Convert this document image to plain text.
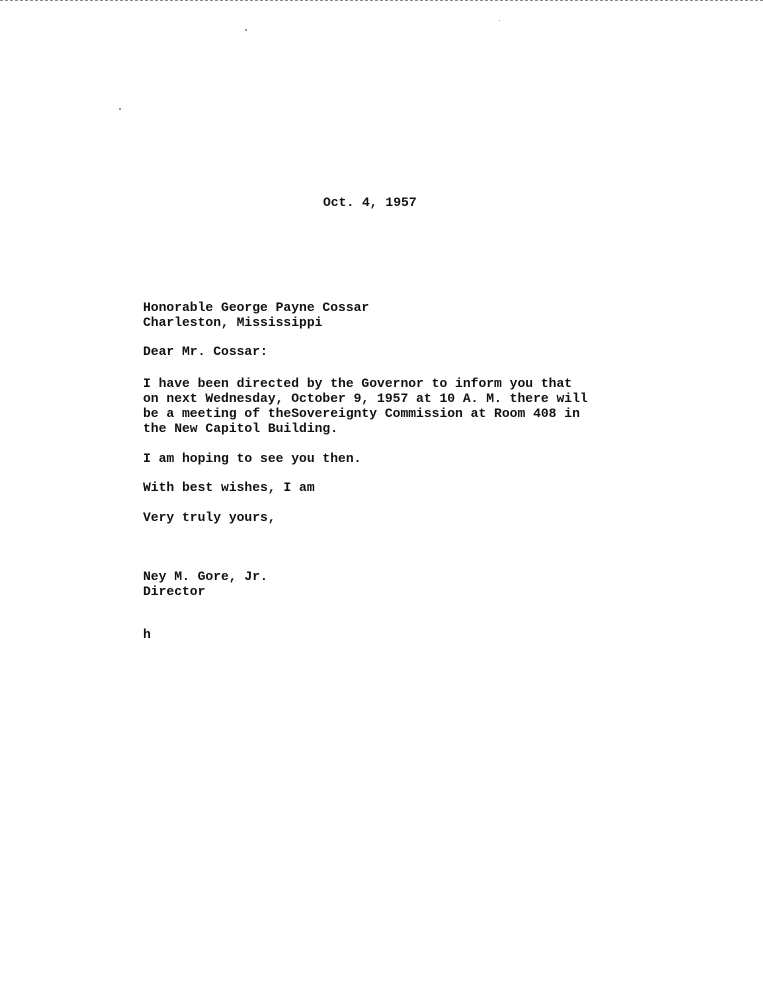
Oct. 4, 1957
Honorable George Payne Cossar
Charleston, Mississippi
Dear Mr. Cossar:
I have been directed by the Governor to inform you that
on next Wednesday, October 9, 1957 at 10 A. M. there will
be a meeting of theSovereignty Commission at Room 408 in
the New Capitol Building.
I am hoping to see you then.
With best wishes, I am
Very truly yours,
Ney M. Gore, Jr.
Director
h
